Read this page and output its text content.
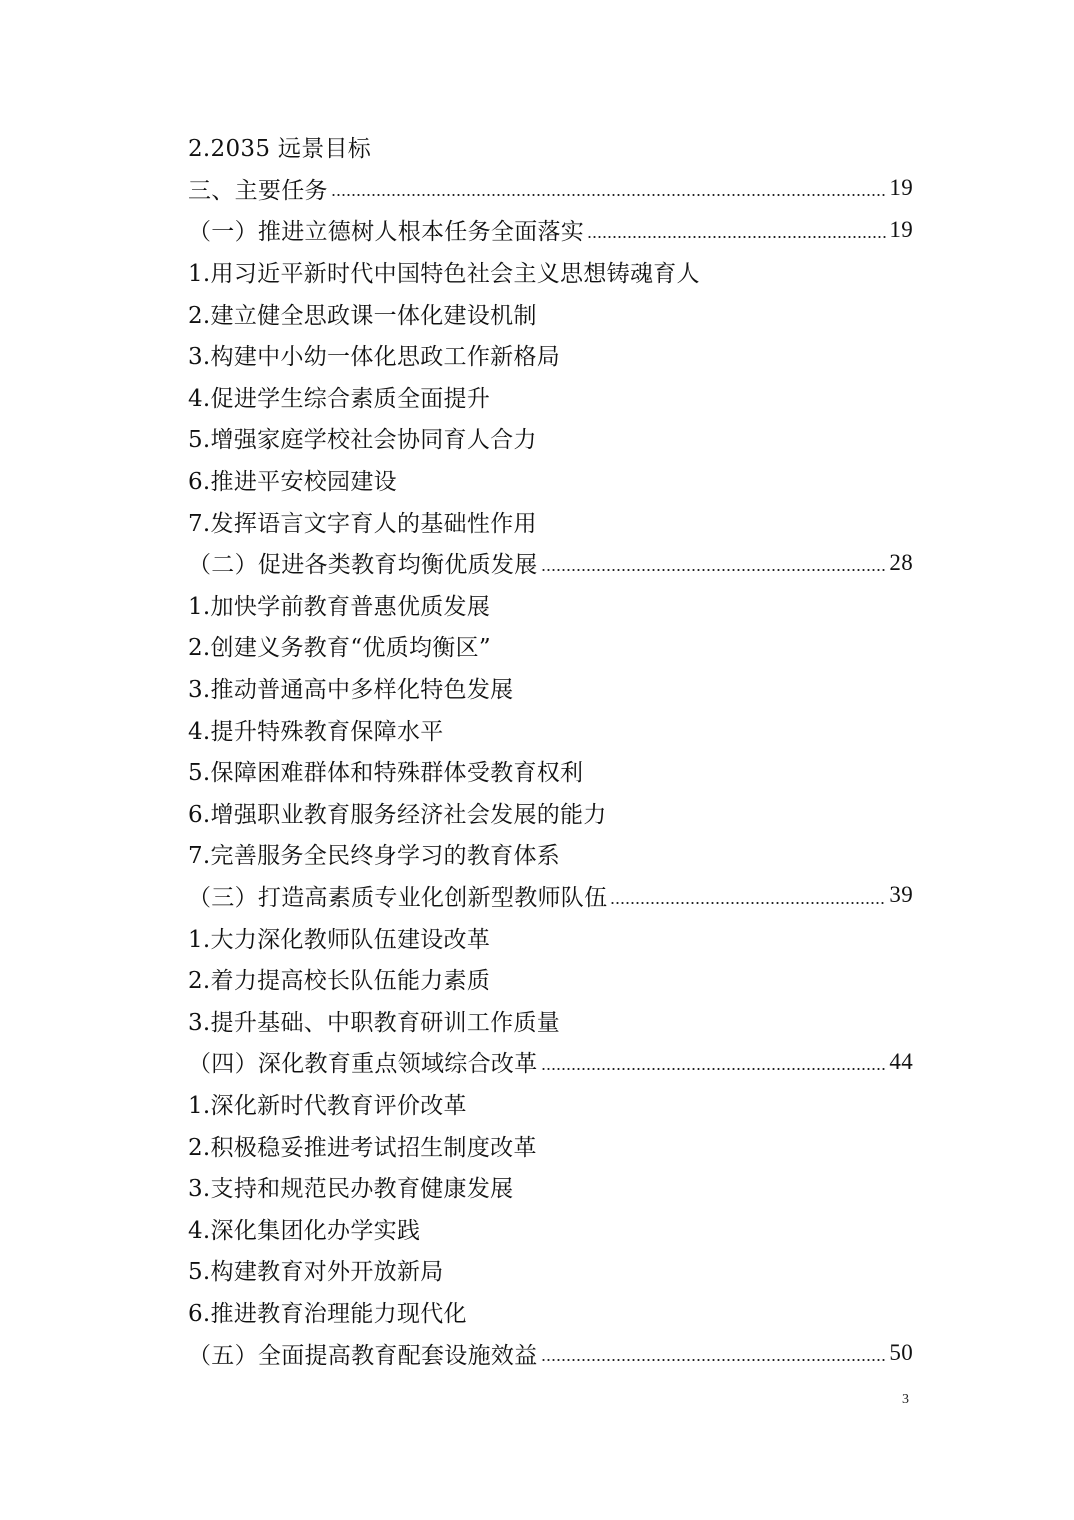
2.2035 远景目标
三、主要任务	19
（一）推进立德树人根本任务全面落实	19
1.用习近平新时代中国特色社会主义思想铸魂育人
2.建立健全思政课一体化建设机制
3.构建中小幼一体化思政工作新格局
4.促进学生综合素质全面提升
5.增强家庭学校社会协同育人合力
6.推进平安校园建设
7.发挥语言文字育人的基础性作用
（二）促进各类教育均衡优质发展	28
1.加快学前教育普惠优质发展
2.创建义务教育“优质均衡区”
3.推动普通高中多样化特色发展
4.提升特殊教育保障水平
5.保障困难群体和特殊群体受教育权利
6.增强职业教育服务经济社会发展的能力
7.完善服务全民终身学习的教育体系
（三）打造高素质专业化创新型教师队伍	39
1.大力深化教师队伍建设改革
2.着力提高校长队伍能力素质
3.提升基础、中职教育研训工作质量
（四）深化教育重点领域综合改革	44
1.深化新时代教育评价改革
2.积极稳妥推进考试招生制度改革
3.支持和规范民办教育健康发展
4.深化集团化办学实践
5.构建教育对外开放新局
6.推进教育治理能力现代化
（五）全面提高教育配套设施效益	50
3
